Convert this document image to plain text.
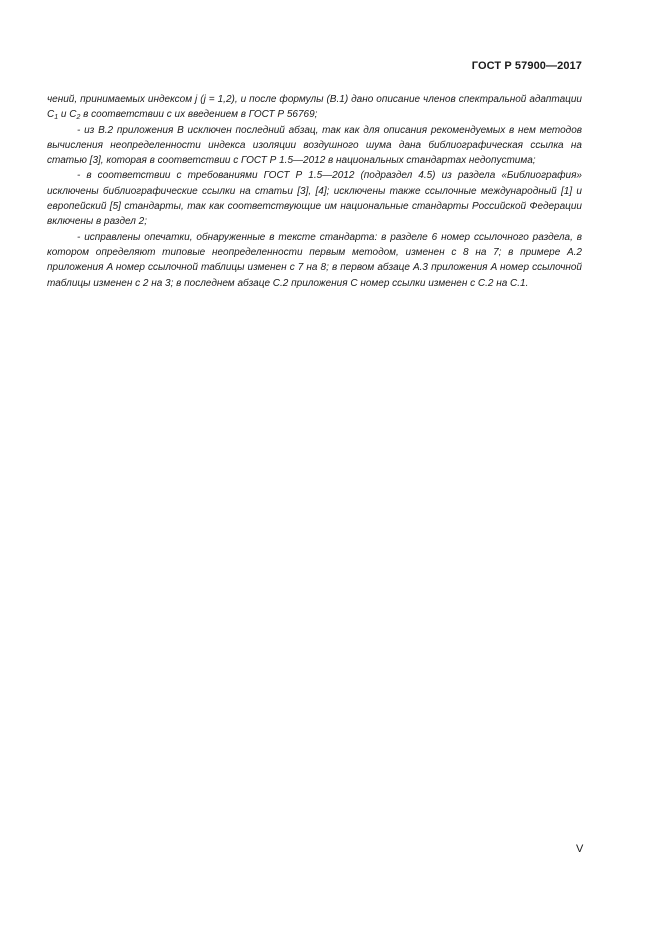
ГОСТ Р 57900—2017

чений, принимаемых индексом j (j = 1,2), и после формулы (B.1) дано описание членов спектральной адаптации $C_1$ и $C_2$ в соответствии с их введением в ГОСТ Р 56769;

- из B.2 приложения B исключен последний абзац, так как для описания рекомендуемых в нем методов вычисления неопределенности индекса изоляции воздушного шума дана библиографическая ссылка на статью [3], которая в соответствии с ГОСТ Р 1.5—2012 в национальных стандартах недопустима;

- в соответствии с требованиями ГОСТ Р 1.5—2012 (подраздел 4.5) из раздела «Библиография» исключены библиографические ссылки на статьи [3], [4]; исключены также ссылочные международный [1] и европейский [5] стандарты, так как соответствующие им национальные стандарты Российской Федерации включены в раздел 2;

- исправлены опечатки, обнаруженные в тексте стандарта: в разделе 6 номер ссылочного раздела, в котором определяют типовые неопределенности первым методом, изменен с 8 на 7; в примере A.2 приложения A номер ссылочной таблицы изменен с 7 на 8; в первом абзаце A.3 приложения A номер ссылочной таблицы изменен с 2 на 3; в последнем абзаце C.2 приложения C номер ссылки изменен с C.2 на C.1.

V
